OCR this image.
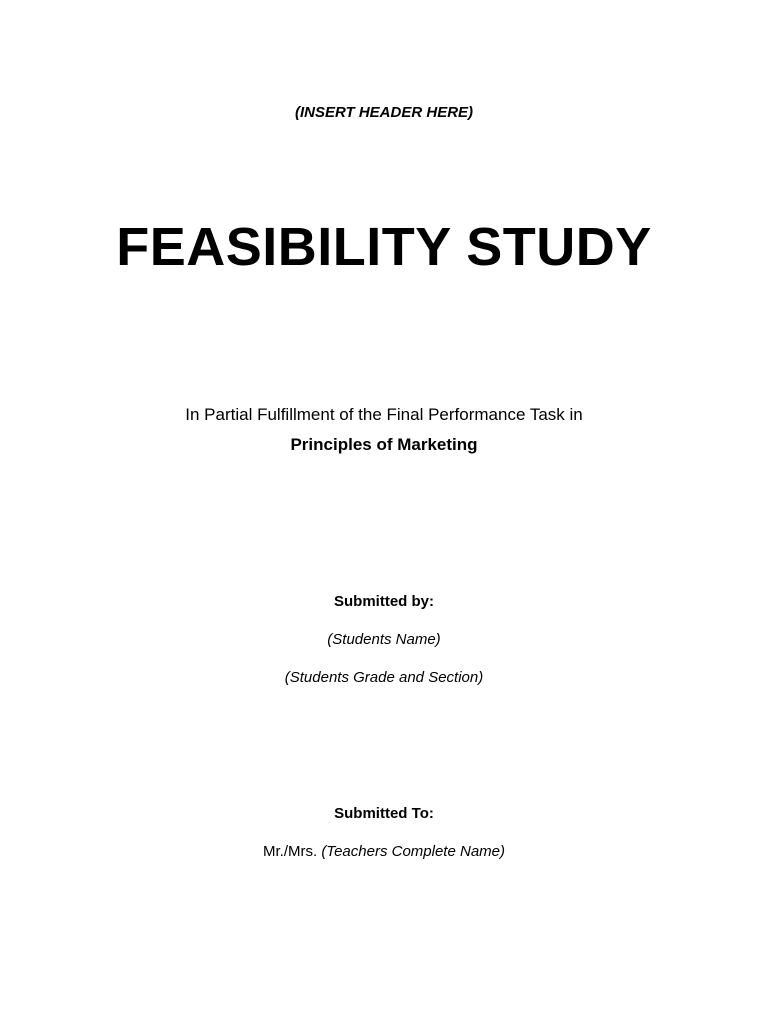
(INSERT HEADER HERE)
FEASIBILITY STUDY
In Partial Fulfillment of the Final Performance Task in
Principles of Marketing
Submitted by:
(Students Name)
(Students Grade and Section)
Submitted To:
Mr./Mrs. (Teachers Complete Name)
